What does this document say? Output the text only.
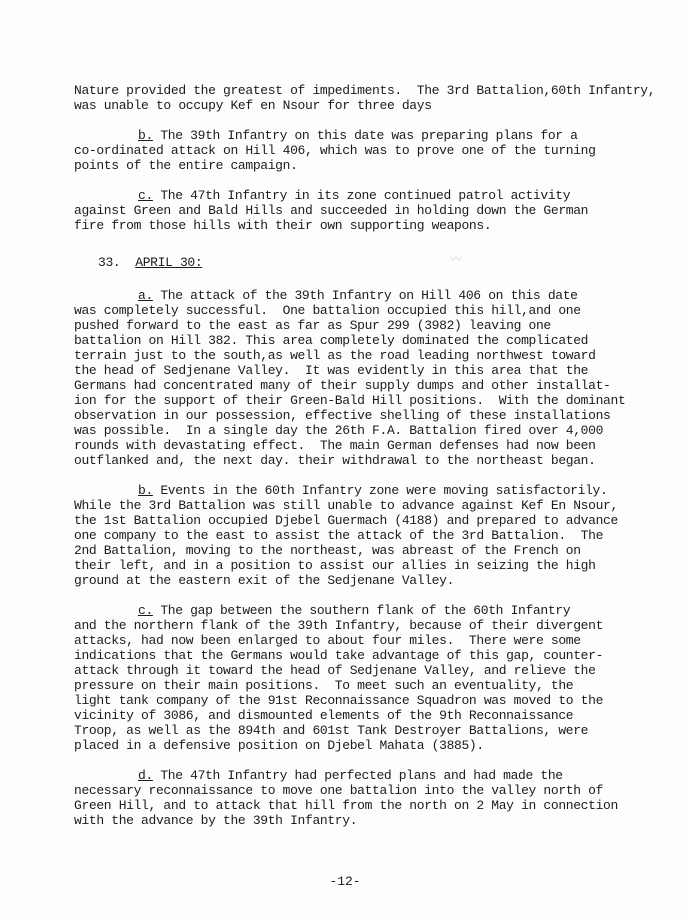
Nature provided the greatest of impediments.  The 3rd Battalion,60th Infantry,
was unable to occupy Kef en Nsour for three days
b. The 39th Infantry on this date was preparing plans for a
co-ordinated attack on Hill 406, which was to prove one of the turning
points of the entire campaign.
c. The 47th Infantry in its zone continued patrol activity
against Green and Bald Hills and succeeded in holding down the German
fire from those hills with their own supporting weapons.
33. APRIL 30:
a. The attack of the 39th Infantry on Hill 406 on this date
was completely successful.  One battalion occupied this hill,and one
pushed forward to the east as far as Spur 299 (3982) leaving one
battalion on Hill 382. This area completely dominated the complicated
terrain just to the south,as well as the road leading northwest toward
the head of Sedjenane Valley.  It was evidently in this area that the
Germans had concentrated many of their supply dumps and other installat-
ion for the support of their Green-Bald Hill positions.  With the dominant
observation in our possession, effective shelling of these installations
was possible.  In a single day the 26th F.A. Battalion fired over 4,000
rounds with devastating effect.  The main German defenses had now been
outflanked and, the next day. their withdrawal to the northeast began.
b. Events in the 60th Infantry zone were moving satisfactorily.
While the 3rd Battalion was still unable to advance against Kef En Nsour,
the 1st Battalion occupied Djebel Guermach (4188) and prepared to advance
one company to the east to assist the attack of the 3rd Battalion.  The
2nd Battalion, moving to the northeast, was abreast of the French on
their left, and in a position to assist our allies in seizing the high
ground at the eastern exit of the Sedjenane Valley.
c. The gap between the southern flank of the 60th Infantry
and the northern flank of the 39th Infantry, because of their divergent
attacks, had now been enlarged to about four miles.  There were some
indications that the Germans would take advantage of this gap, counter-
attack through it toward the head of Sedjenane Valley, and relieve the
pressure on their main positions.  To meet such an eventuality, the
light tank company of the 91st Reconnaissance Squadron was moved to the
vicinity of 3086, and dismounted elements of the 9th Reconnaissance
Troop, as well as the 894th and 601st Tank Destroyer Battalions, were
placed in a defensive position on Djebel Mahata (3885).
d. The 47th Infantry had perfected plans and had made the
necessary reconnaissance to move one battalion into the valley north of
Green Hill, and to attack that hill from the north on 2 May in connection
with the advance by the 39th Infantry.
〰
-12-
